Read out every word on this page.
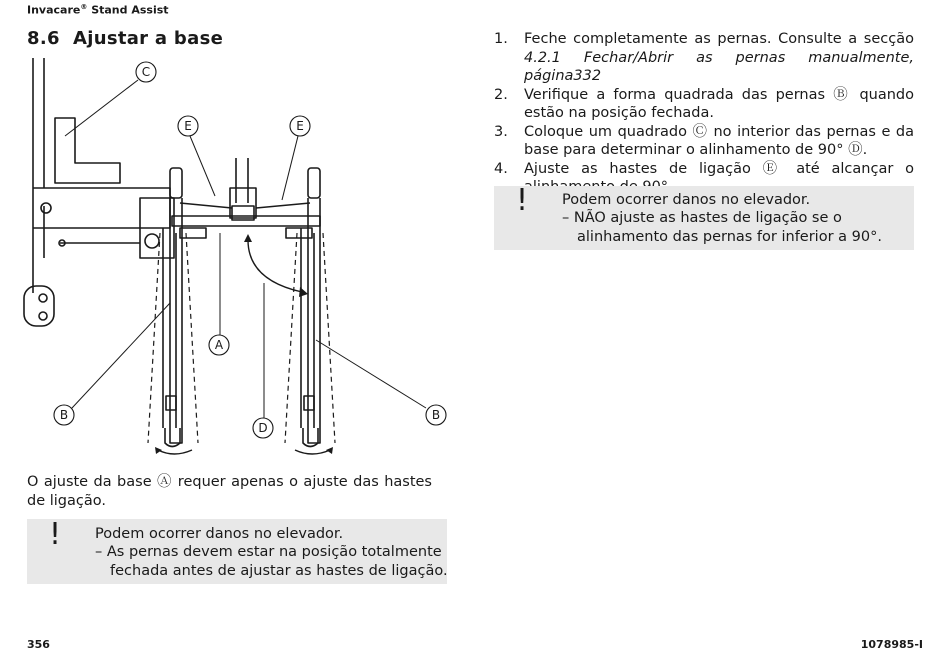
Invacare® Stand Assist
8.6 Ajustar a base
C
E	E
A
B	B
D
O ajuste da base Ⓐ requer apenas o ajuste das hastes de ligação.
! Podem ocorrer danos no elevador.
– As pernas devem estar na posição totalmente
fechada antes de ajustar as hastes de ligação.
1. Feche completamente as pernas. Consulte a secção 4.2.1 Fechar/Abrir as pernas manualmente, página332
2. Verifique a forma quadrada das pernas Ⓑ quando estão na posição fechada.
3. Coloque um quadrado Ⓒ no interior das pernas e da base para determinar o alinhamento de 90° Ⓓ.
4. Ajuste as hastes de ligação Ⓔ até alcançar o
! Podem ocorrer danos no elevador.
– NÃO ajuste as hastes de ligação se o
alinhamento das pernas for inferior a 90°.
356	1078985-I
